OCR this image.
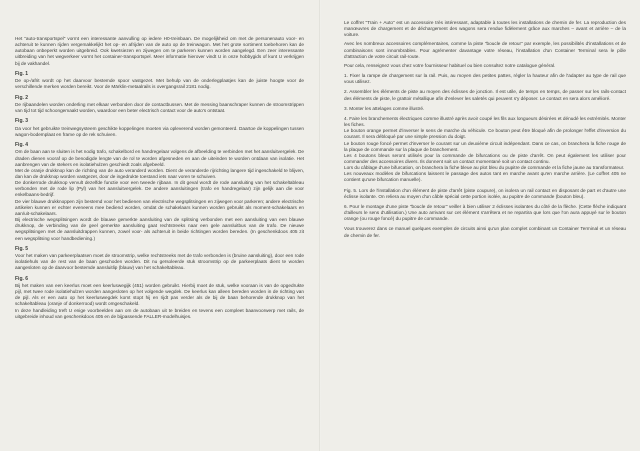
Het "auto-transportspel" vormt een interessante aanvulling op iedere H0-treinbaan. De mogelijkheid om met de personenauto voor- en achteruit te kunnen rijden vergemakkelijkt het op- en afrijden van de auto op de treinwagon. Met het grote sortiment toebehoren kan de autobaan onbeperkt worden uitgebreid. Ook kwetsiezen en zijwegen om te parkeren kunnen worden aangelegd. Een zeer interessante uitbreiding van het wegverkeer vormt het container-transportspel. Meer informatie hierover vindt U in onze hobbygids of kunt U verkrijgen bij de vakhandel.

Fig. 1

De op-/afrit wordt op het daarvoor bestemde spoor vastgezet. Met behulp van de onderlegplaatjes kan de juiste hoogte voor de verschillende merken worden bereikt. Voor de Märklin-metaalrails is overgangsrail 2181 nodig.

Fig. 2

De rijbaandelen worden onderling met elkaar verbonden door de contactbussen. Met de messing baanschraper kunnen de stroomstrippen van tijd tot tijd schoongemaakt worden, waardoor een beter electrisch contact voor de auto's ontstaat.

Fig. 3

Da voor het gebruikte treinwegsysteem geschikte koppelingen moeten via opleverend worden gemonteerd. Daartoe de koppelingen tussen wagon-bodemplaat en frame op de rek schuiven.

Fig. 4

Om de baan aan te sluiten is het nodig trafo, schakelbord en handregelaar volgens de afbeelding te verbinden met het aansluitvergelek. De draden dienen vooraf op de benodigde lengte van de rol te worden afgesneden en aan de uiteinden te worden ontdaan van isolatie. Het aanbrengen van de stekers en isolatiehulzen geschiedt zoals afgebeeld.
Met de oranje drukknop kan de richting van de auto veranderd worden. Dient de veranderde rijrichting langere tijd ingeschakeld te blijven, dan kan de drukknop worden vastgezet, door de ingedrukte toestand iets naar voren te schuiven.
De donkerrode drukknop vervult dezelfde functie voor een tweede rijbaan. In dit geval wordt de rode aansluiting van het schakeltableau verbonden met de rode lip (Pyl) van het aansluitvergelek. De andere aansluitingen (trafo en handregelaar) zijn gelijk aan die voor enkelbaans-bedrijf.
De vier blauwe drukknoppen zijn bestemd voor het bedienen van electrische wegsplitsingen en zijwegen voor parkeren; andere electrische artikelen kunnen er echter eveneens mee bediend worden, omdat de schakelaars kunnen worden gebruikt als moment-schakelaars en aan/uit-schakelaars.
Bij electrische wegsplitsingen wordt de blauwe gemerkte aansluiting van de splitsing verbonden met een aansluiting van een blauwe drukknop, de verbinding van de geel gemerkte aansluiting gaat rechtstreeks naar een gele aansluitbus van de trafo. De nieuwe wegsplitsingen met de aansluitdrappen kunnen, zowel voor- als achteruit in beide richtingen worden bereden. (In geschenkdoos 405 zit een wegsplitsing voor handbediening.)

Fig. 5

Voor het maken van parkeerplaatsen moet de stroomstrip, welke rechtstreeks met de trafo verbonden is (bruine aansluiting), door een rode isolatiehuls van de rest van de baan geschoden worden. Dit nu geïsoleerde stuk stroomstrip op de parkeerplaats dient te worden aangesloten op de daarvoor bestemde aansluitlip (blauw) van het schakeltableau.

Fig. 6

Bij het maken van een keerlus moet een keerluswegijk (451) worden gebruikt. Hierbij moet de stuk, welke vooraan is van de opgedrukte pijl, met twee rode isolatiehulzen worden aangesloten op het volgende wegdek. De keerlus kan alleen bereden worden in de richting van de pijl. Als er een auto op het keerluswegdek komt stopt hij en rijdt pas verder als de bij de baan behorende drukknop van het schakeltableau (oranje of donkerrood) wordt omgeschakeld.
In deze handleiding treft U enige voorbeelden aan om de autobaan uit te breiden en tevens een compleet baanvoorwerp met rails, de uitgebreide inhoud van geschenkdoos 405 en de bijpassende FALLER-modelhuisjes.

Le coffret "Train + Auto" est un accessoire très intéressant, adaptable à toutes les installations de chemin de fer. La reproduction des manœuvres de chargement et de déchargement des wagons sera rendue fidèlement grâce aux marches – avant et arrière – de la voiture.

Avec les nombreux accessoires complémentaires, comme la piste "boucle de retour" par exemple, les possibilités d'installations et de combinaisons sont innombrables. Pour agrémenter davantage votre réseau, l'installation d'un Container Terminal sera le pôle d'attraction de votre circuit rail-route.

Pour cela, renseignez vous chez votre fournisseur habituel ou bien consultez notre catalogue général.

1. Fixer la rampe de chargement sur la rail. Puis, au moyen des petites pattes, régler la hauteur afin de l'adapter au type de rail que vous utilisez.

2. Assembler les éléments de piste au moyen des éclisses de jonction. Il est utile, de temps en temps, de passer sur les rails-contact des éléments de piste, le grattoir métallique afin d'enlever les saletés qui peuvent s'y déposer. Le contact en sera alors amélioré.

3. Monter les attelages comme illustré.

4. Faire les branchements électriques comme illustré après avoir coupé les fils aux longueurs désirées et dénudé les extrémités. Monter les fiches.
Le bouton orange permet d'inverser le sens de marche du véhicule. Ce bouton peut être bloqué afin de prolonger l'effet d'inversion du courant. Il sera débloqué par une simple pression du doigt.
Le bouton rouge foncé permet d'inverser le courant sur un deuxième circuit indépendant. Dans ce cas, on branchera la fiche rouge de la plaque de commande sur la plaque de branchement.
Les 4 boutons bleus seront utilisés pour la commande de bifurcations ou de piste d'arrêt. On peut également les utiliser pour commander des accessoires divers. Ils donnent soit un contact momentané soit un contact continu.
Lors du câblage d'une bifurcation, on branchera la fiche bleue au plot bleu du pupitre de commande et la fiche jaune au transformateur.
Les nouveaux modèles de bifurcations laissent le passage des autos tant en marche avant qu'en marche arrière. (Le coffret 405 ne contient qu'une bifurcation manuelle).

Fig. 5. Lors de l'installation d'un élément de piste d'arrêt (piste coupure), on isolera un rail contact en disposant de part et d'autre une éclisse isolante. On reliera au moyen d'un câble spécial cette portion isolée, au pupitre de commande (bouton bleu).

6. Pour le montage d'une piste "boucle de retour" veiller à bien utiliser 2 éclisses isolantes du côté de la flèche. (Cette flèche indiquant d'ailleurs le sens d'utilisation.) Une auto arrivant sur cet élément s'arrêtera et ne repartira que lors que l'on aura appuyé sur le bouton orange (ou rouge foncé) du pupitre de commande.

Vous trouverez dans ce manuel quelques exemples de circuits ainsi qu'un plan complet combinant un Container Terminal et un réseau de chemin de fer.
